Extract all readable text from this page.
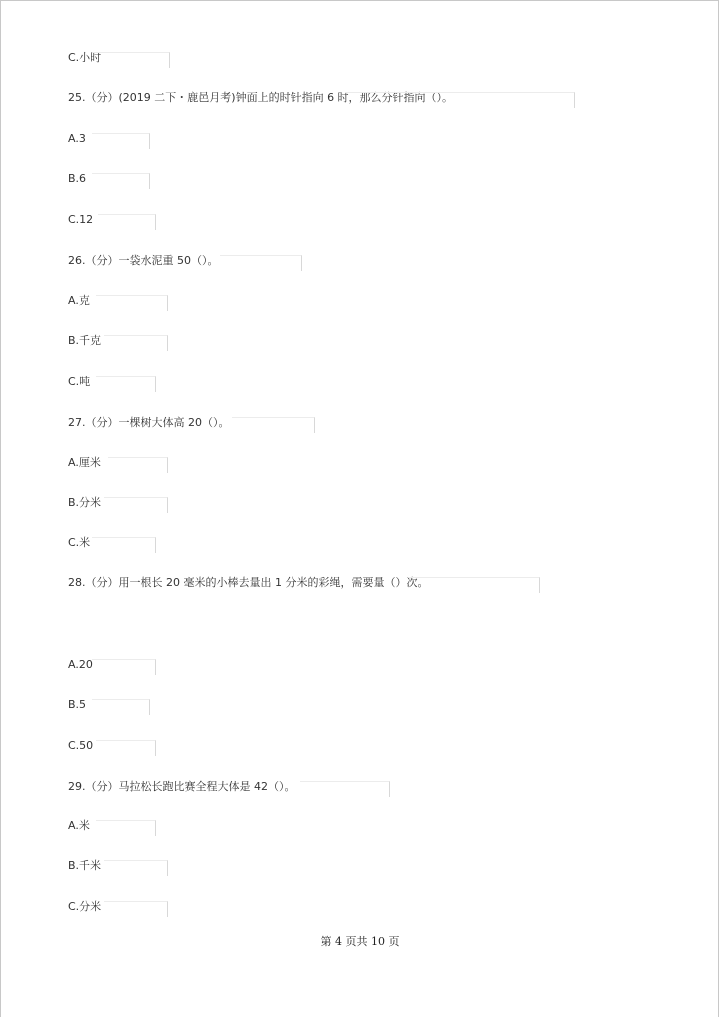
C.小时
25.（分）(2019 二下・鹿邑月考)钟面上的时针指向 6 时，那么分针指向（）。
A.3
B.6
C.12
26.（分）一袋水泥重 50（）。
A.克
B.千克
C.吨
27.（分）一棵树大体高 20（）。
A.厘米
B.分米
C.米
28.（分）用一根长 20 毫米的小棒去量出 1 分米的彩绳，需要量（）次。
A.20
B.5
C.50
29.（分）马拉松长跑比赛全程大体是 42（）。
A.米
B.千米
C.分米
第 4 页共 10 页
